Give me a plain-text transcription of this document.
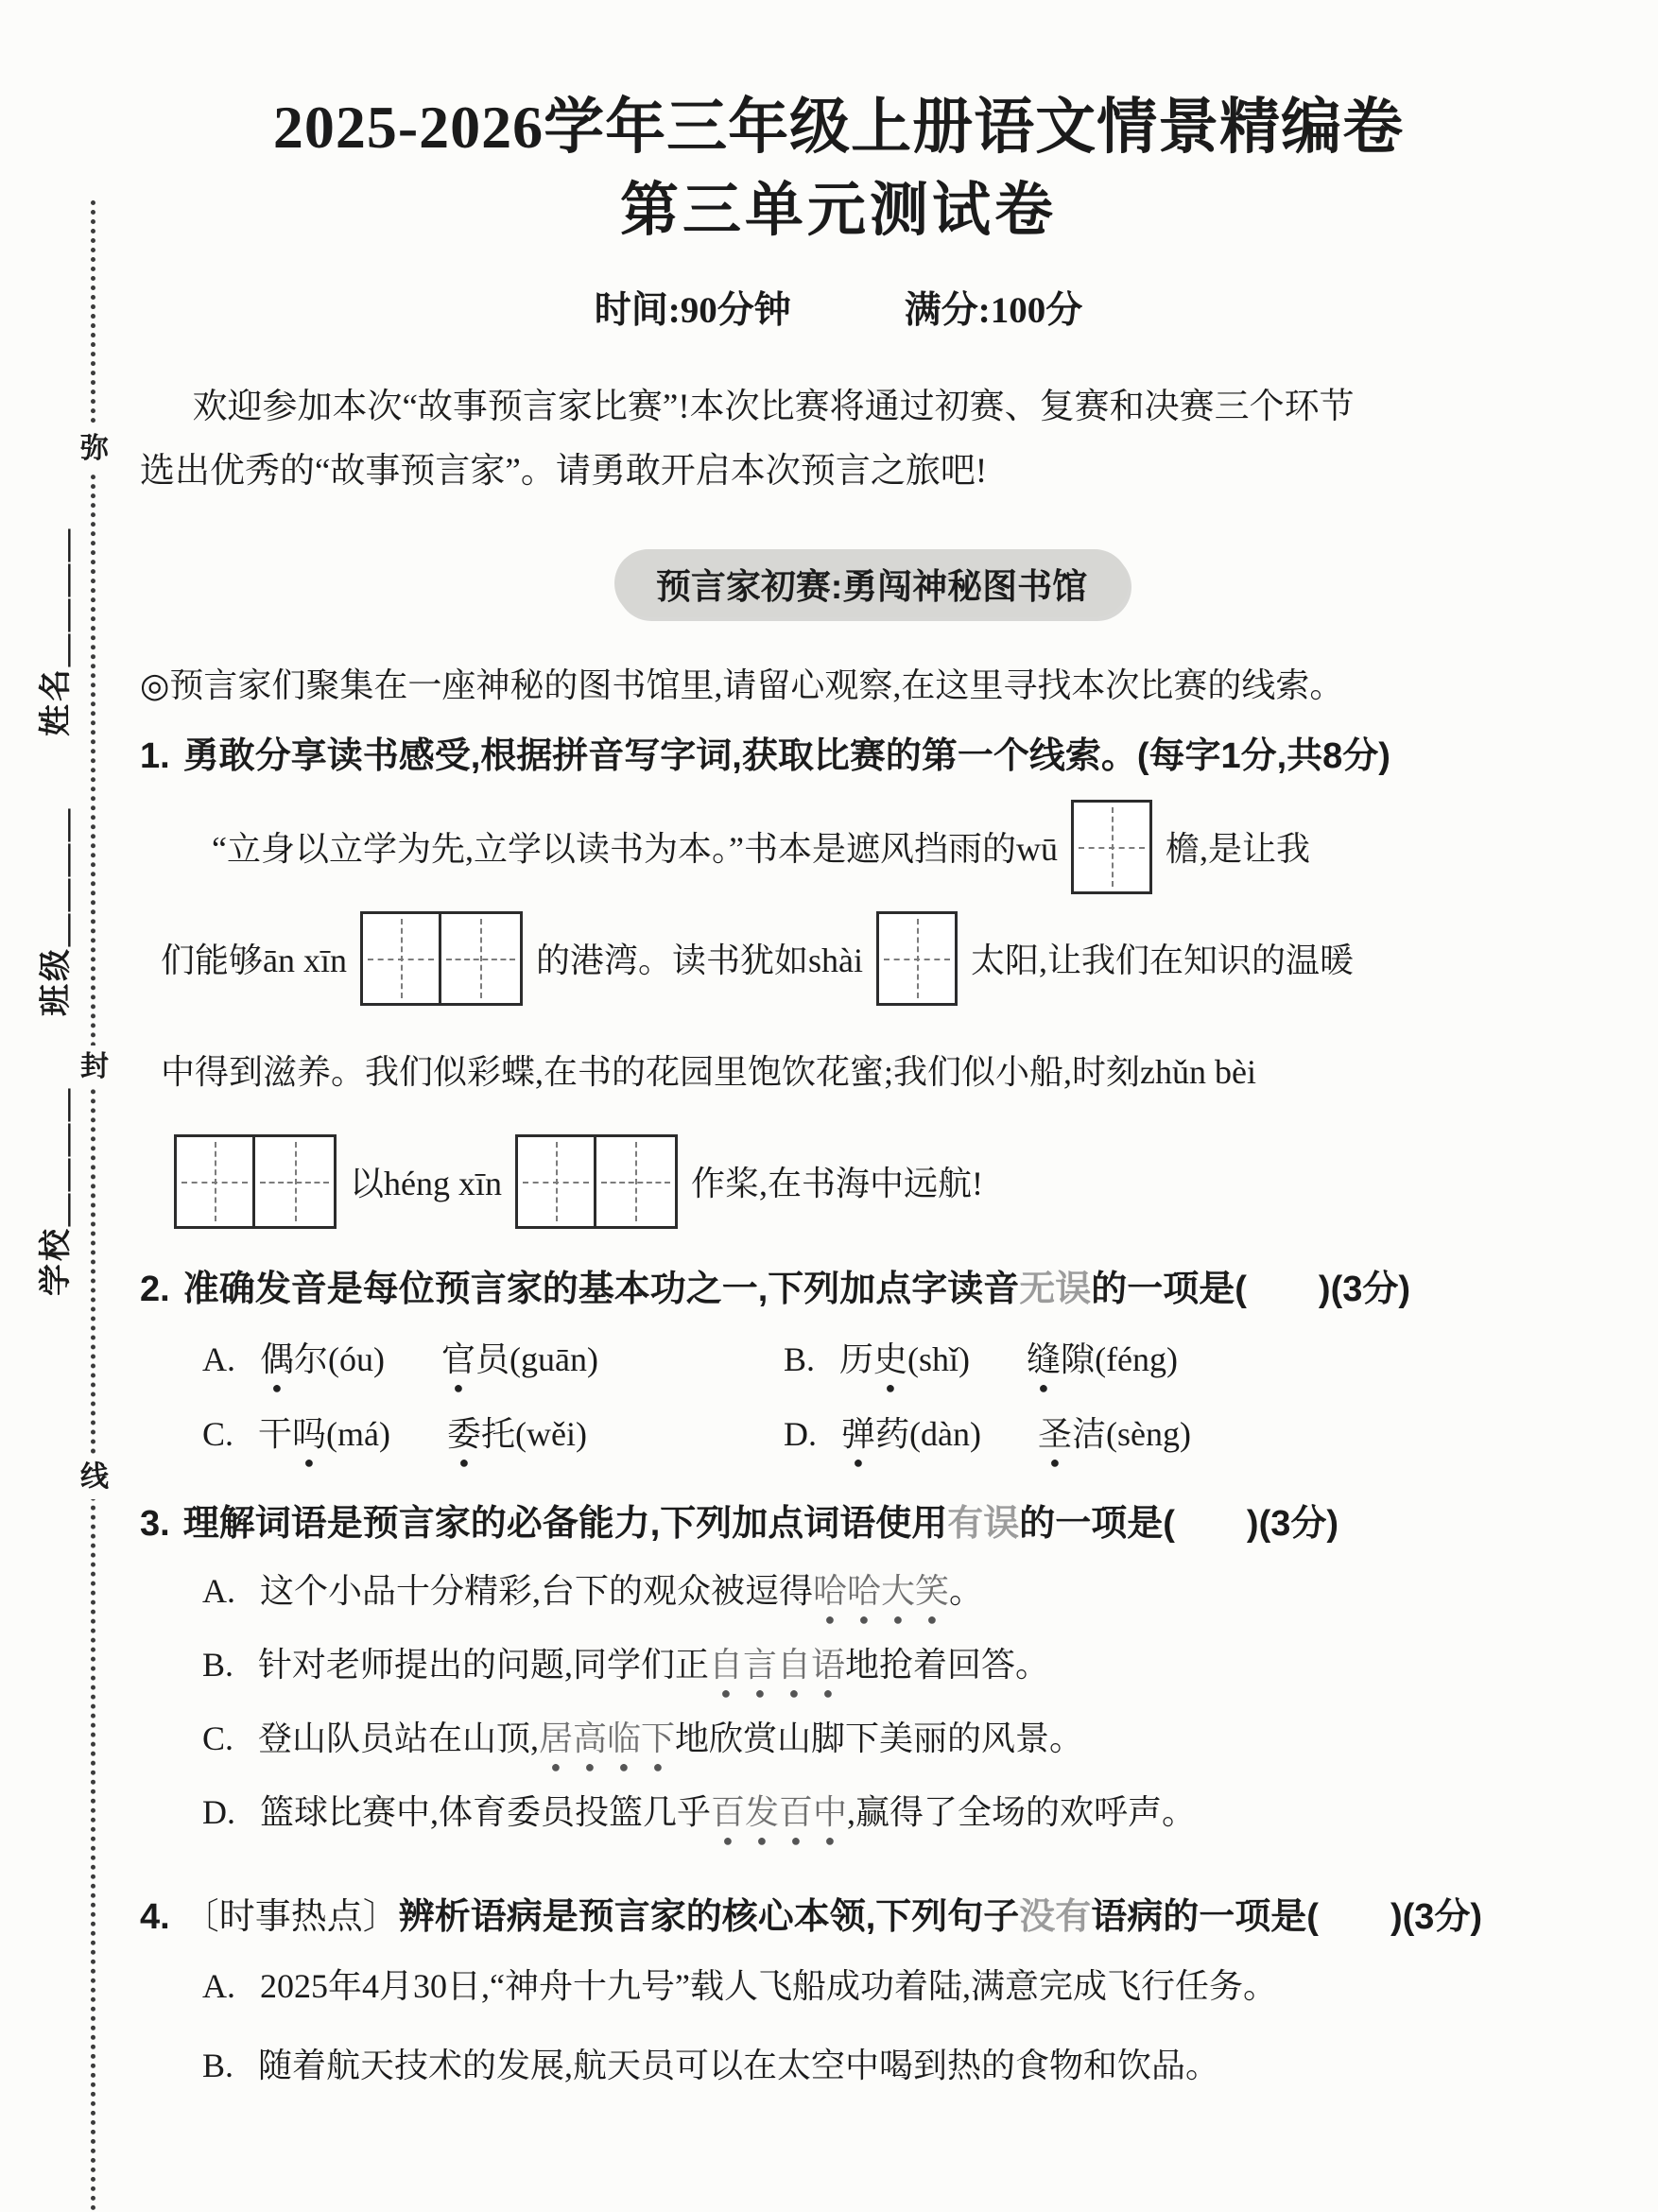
弥
封
线
学校＿＿＿＿　　班级＿＿＿＿　　姓名＿＿＿＿
2025-2026学年三年级上册语文情景精编卷
第三单元测试卷
时间:90分钟	满分:100分
欢迎参加本次“故事预言家比赛”!本次比赛将通过初赛、复赛和决赛三个环节
选出优秀的“故事预言家”。请勇敢开启本次预言之旅吧!
预言家初赛:勇闯神秘图书馆
◎预言家们聚集在一座神秘的图书馆里,请留心观察,在这里寻找本次比赛的线索。
1. 勇敢分享读书感受,根据拼音写字词,获取比赛的第一个线索。(每字1分,共8分)
“立身以立学为先,立学以读书为本。”书本是遮风挡雨的wū	檐,是让我
们能够ān xīn	的港湾。读书犹如shài	太阳,让我们在知识的温暖
中得到滋养。我们似彩蝶,在书的花园里饱饮花蜜;我们似小船,时刻zhǔn bèi
以héng xīn	作桨,在书海中远航!
2. 准确发音是每位预言家的基本功之一,下列加点字读音无误的一项是(　　)(3分)
A. 偶尔(óu) 官员(guān)	B. 历史(shǐ) 缝隙(féng)
C. 干吗(má) 委托(wěi)	D. 弹药(dàn) 圣洁(sèng)
3. 理解词语是预言家的必备能力,下列加点词语使用有误的一项是(　　)(3分)
A. 这个小品十分精彩,台下的观众被逗得哈哈大笑。
B. 针对老师提出的问题,同学们正自言自语地抢着回答。
C. 登山队员站在山顶,居高临下地欣赏山脚下美丽的风景。
D. 篮球比赛中,体育委员投篮几乎百发百中,赢得了全场的欢呼声。
4. 〔时事热点〕辨析语病是预言家的核心本领,下列句子没有语病的一项是(　　)(3分)
A. 2025年4月30日,“神舟十九号”载人飞船成功着陆,满意完成飞行任务。
B. 随着航天技术的发展,航天员可以在太空中喝到热的食物和饮品。
